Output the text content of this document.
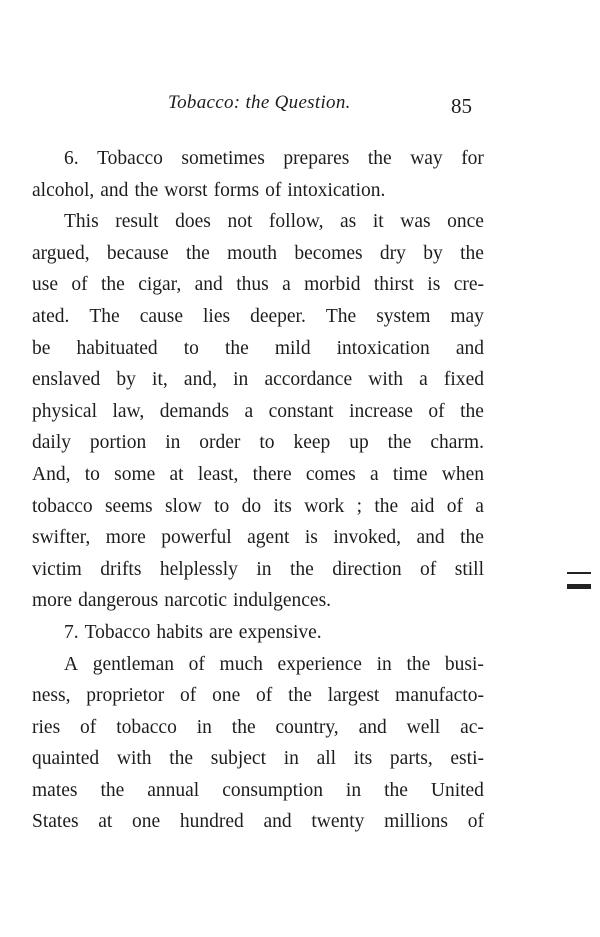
Tobacco: the Question.	85
6. Tobacco sometimes prepares the way for
alcohol, and the worst forms of intoxication.
This result does not follow, as it was once
argued, because the mouth becomes dry by the
use of the cigar, and thus a morbid thirst is cre-
ated. The cause lies deeper. The system may
be habituated to the mild intoxication and
enslaved by it, and, in accordance with a fixed
physical law, demands a constant increase of the
daily portion in order to keep up the charm.
And, to some at least, there comes a time when
tobacco seems slow to do its work ; the aid of a
swifter, more powerful agent is invoked, and the
victim drifts helplessly in the direction of still
more dangerous narcotic indulgences.
7. Tobacco habits are expensive.
A gentleman of much experience in the busi-
ness, proprietor of one of the largest manufacto-
ries of tobacco in the country, and well ac-
quainted with the subject in all its parts, esti-
mates the annual consumption in the United
States at one hundred and twenty millions of
